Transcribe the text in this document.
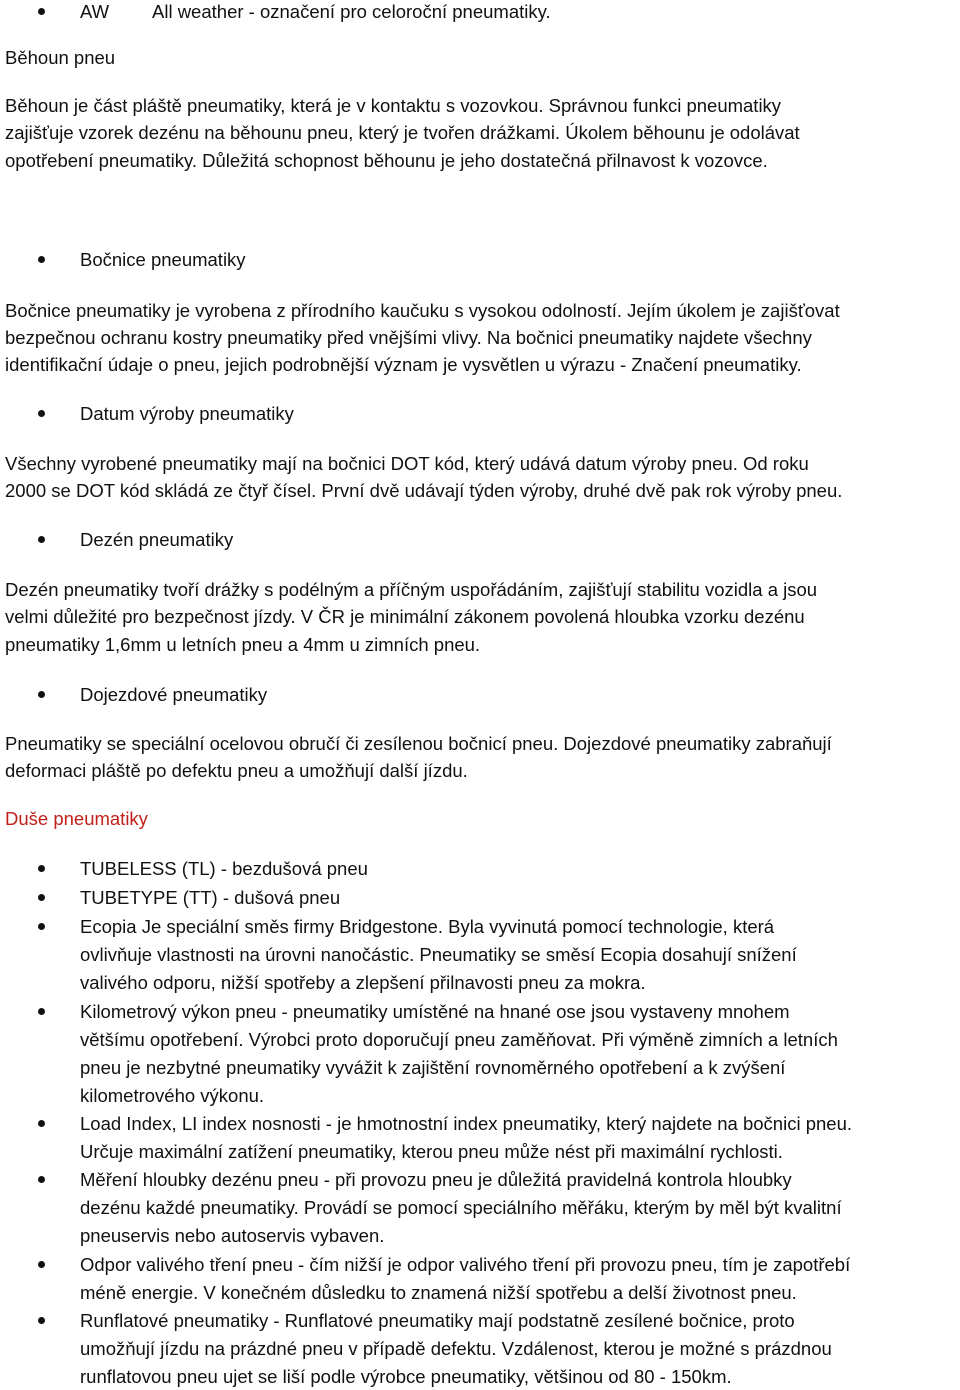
AW All weather - označení pro celoroční pneumatiky.
Běhoun pneu
Běhoun je část pláště pneumatiky, která je v kontaktu s vozovkou. Správnou funkci pneumatiky
zajišťuje vzorek dezénu na běhounu pneu, který je tvořen drážkami. Úkolem běhounu je odolávat
opotřebení pneumatiky. Důležitá schopnost běhounu je jeho dostatečná přilnavost k vozovce.
Bočnice pneumatiky
Bočnice pneumatiky je vyrobena z přírodního kaučuku s vysokou odolností. Jejím úkolem je zajišťovat
bezpečnou ochranu kostry pneumatiky před vnějšími vlivy. Na bočnici pneumatiky najdete všechny
identifikační údaje o pneu, jejich podrobnější význam je vysvětlen u výrazu - Značení pneumatiky.
Datum výroby pneumatiky
Všechny vyrobené pneumatiky mají na bočnici DOT kód, který udává datum výroby pneu. Od roku
2000 se DOT kód skládá ze čtyř čísel. První dvě udávají týden výroby, druhé dvě pak rok výroby pneu.
Dezén pneumatiky
Dezén pneumatiky tvoří drážky s podélným a příčným uspořádáním, zajišťují stabilitu vozidla a jsou
velmi důležité pro bezpečnost jízdy. V ČR je minimální zákonem povolená hloubka vzorku dezénu
pneumatiky 1,6mm u letních pneu a 4mm u zimních pneu.
Dojezdové pneumatiky
Pneumatiky se speciální ocelovou obručí či zesílenou bočnicí pneu. Dojezdové pneumatiky zabraňují
deformaci pláště po defektu pneu a umožňují další jízdu.
Duše pneumatiky
TUBELESS (TL) - bezdušová pneu
TUBETYPE (TT) - dušová pneu
Ecopia Je speciální směs firmy Bridgestone. Byla vyvinutá pomocí technologie, která
ovlivňuje vlastnosti na úrovni nanočástic. Pneumatiky se směsí Ecopia dosahují snížení
valivého odporu, nižší spotřeby a zlepšení přilnavosti pneu za mokra.
Kilometrový výkon pneu - pneumatiky umístěné na hnané ose jsou vystaveny mnohem
většímu opotřebení. Výrobci proto doporučují pneu zaměňovat. Při výměně zimních a letních
pneu je nezbytné pneumatiky vyvážit k zajištění rovnoměrného opotřebení a k zvýšení
kilometrového výkonu.
Load Index, LI index nosnosti - je hmotnostní index pneumatiky, který najdete na bočnici pneu.
Určuje maximální zatížení pneumatiky, kterou pneu může nést při maximální rychlosti.
Měření hloubky dezénu pneu - při provozu pneu je důležitá pravidelná kontrola hloubky
dezénu každé pneumatiky. Provádí se pomocí speciálního měřáku, kterým by měl být kvalitní
pneuservis nebo autoservis vybaven.
Odpor valivého tření pneu - čím nižší je odpor valivého tření při provozu pneu, tím je zapotřebí
méně energie. V konečném důsledku to znamená nižší spotřebu a delší životnost pneu.
Runflatové pneumatiky - Runflatové pneumatiky mají podstatně zesílené bočnice, proto
umožňují jízdu na prázdné pneu v případě defektu. Vzdálenost, kterou je možné s prázdnou
runflatovou pneu ujet se liší podle výrobce pneumatiky, většinou od 80 - 150km.
